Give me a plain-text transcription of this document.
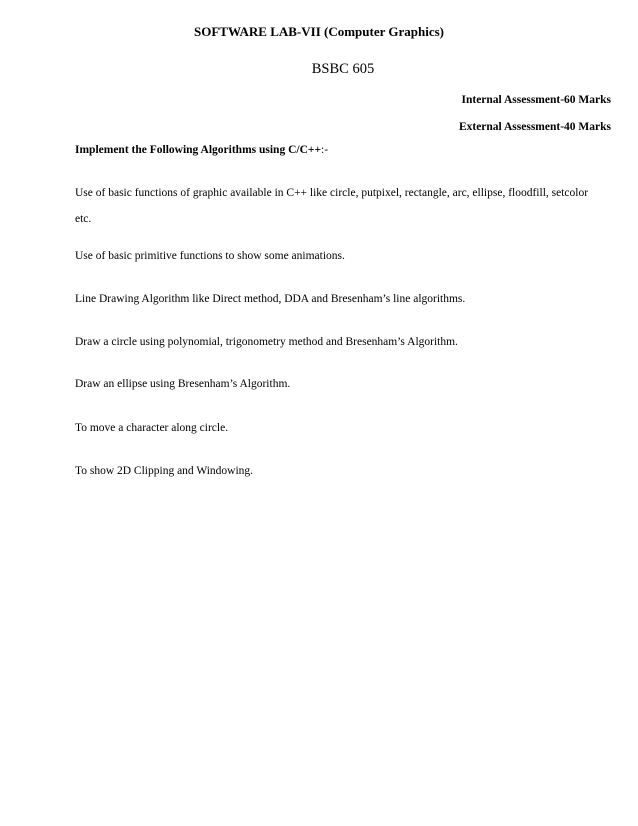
SOFTWARE LAB-VII (Computer Graphics)
BSBC 605
Internal Assessment-60 Marks
External Assessment-40 Marks
Implement the Following Algorithms using C/C++:-
Use of basic functions of graphic available in C++ like circle, putpixel, rectangle, arc, ellipse, floodfill, setcolor etc.
Use of basic primitive functions to show some animations.
Line Drawing Algorithm like Direct method, DDA and Bresenham’s line algorithms.
Draw a circle using polynomial, trigonometry method and Bresenham’s Algorithm.
Draw an ellipse using Bresenham’s Algorithm.
To move a character along circle.
To show 2D Clipping and Windowing.
